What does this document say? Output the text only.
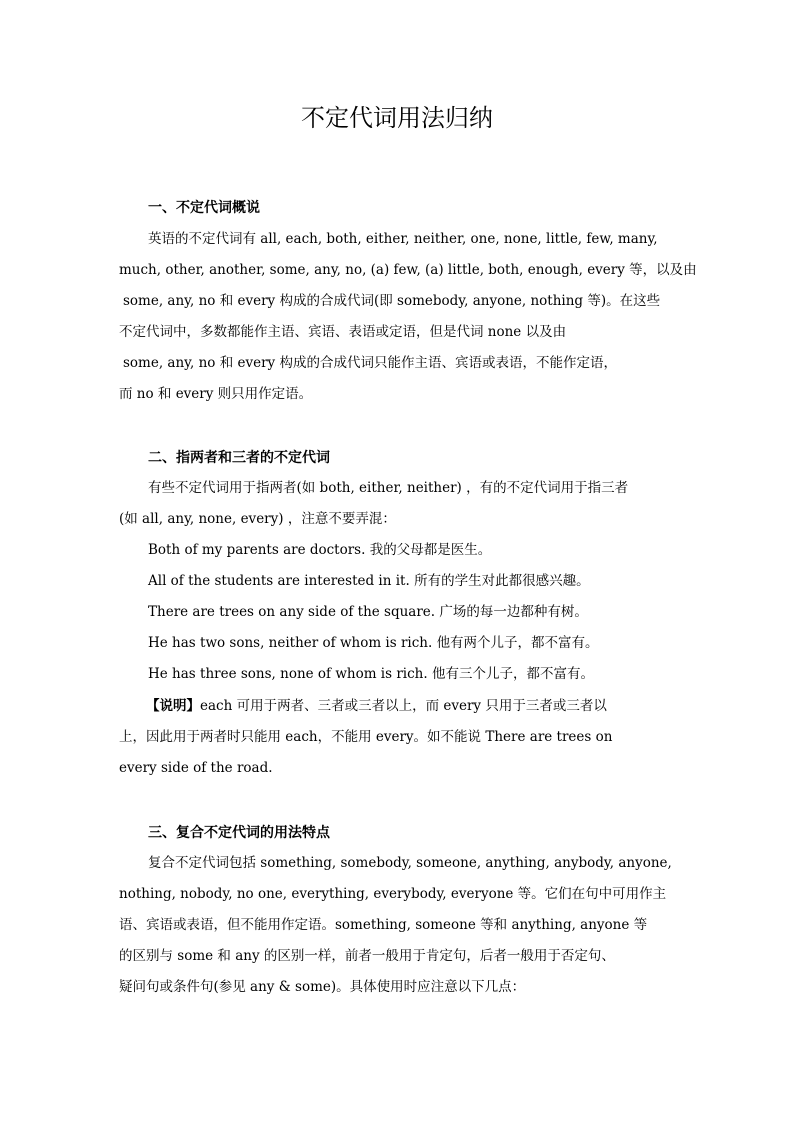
不定代词用法归纳
一、不定代词概说
英语的不定代词有 all, each, both, either, neither, one, none, little, few, many,
much, other, another, some, any, no, (a) few, (a) little, both, enough, every 等，以及由
some, any, no 和 every 构成的合成代词(即 somebody, anyone, nothing 等)。在这些
不定代词中，多数都能作主语、宾语、表语或定语，但是代词 none 以及由
some, any, no 和 every 构成的合成代词只能作主语、宾语或表语，不能作定语，
而 no 和 every 则只用作定语。
二、指两者和三者的不定代词
有些不定代词用于指两者(如 both, either, neither) ，有的不定代词用于指三者
(如 all, any, none, every) ，注意不要弄混：
Both of my parents are doctors. 我的父母都是医生。
All of the students are interested in it. 所有的学生对此都很感兴趣。
There are trees on any side of the square. 广场的每一边都种有树。
He has two sons, neither of whom is rich. 他有两个儿子，都不富有。
He has three sons, none of whom is rich. 他有三个儿子，都不富有。
【说明】each 可用于两者、三者或三者以上，而 every 只用于三者或三者以
上，因此用于两者时只能用 each，不能用 every。如不能说 There are trees on
every side of the road.
三、复合不定代词的用法特点
复合不定代词包括 something, somebody, someone, anything, anybody, anyone,
nothing, nobody, no one, everything, everybody, everyone 等。它们在句中可用作主
语、宾语或表语，但不能用作定语。something, someone 等和 anything, anyone 等
的区别与 some 和 any 的区别一样，前者一般用于肯定句，后者一般用于否定句、
疑问句或条件句(参见 any & some)。具体使用时应注意以下几点：
